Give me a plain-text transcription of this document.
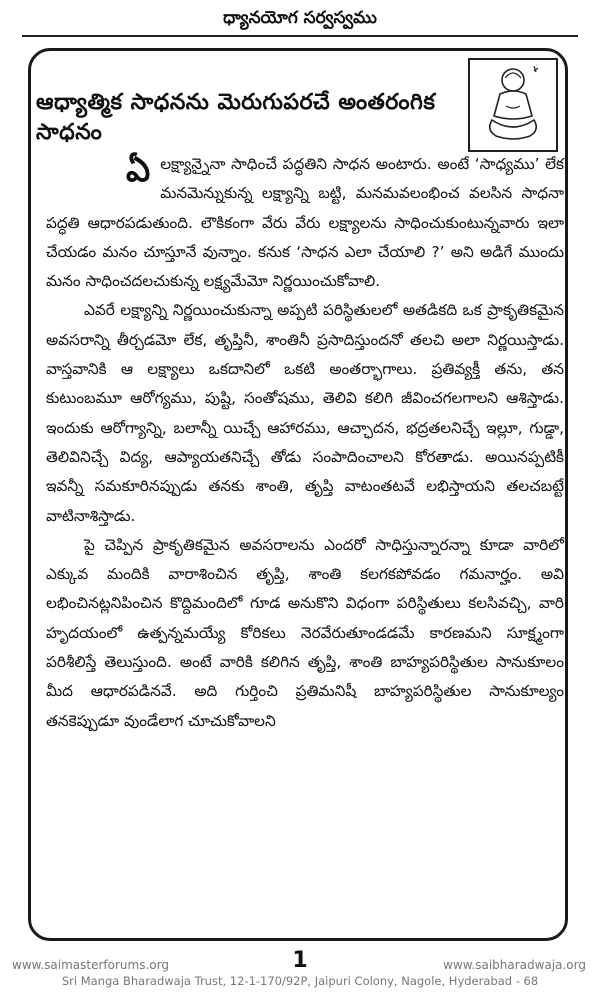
ధ్యానయోగ సర్వస్వము
ఆధ్యాత్మిక సాధనను మెరుగుపరచే అంతరంగిక సాధనం

ఏ లక్ష్యాన్నైనా సాధించే పద్ధతిని సాధన అంటారు. అంటే ‘సాధ్యము’ లేక మనమెన్నుకున్న లక్ష్యాన్ని బట్టి, మనమవలంభించ వలసిన సాధనా పద్ధతి ఆధారపడుతుంది. లౌకికంగా వేరు వేరు లక్ష్యాలను సాధించుకుంటున్నవారు ఇలా చేయడం మనం చూస్తూనే వున్నాం. కనుక ‘సాధన ఎలా చేయాలి ?’ అని అడిగే ముందు మనం సాధించదలచుకున్న లక్ష్యమేమో నిర్ణయించుకోవాలి.

ఎవరే లక్ష్యాన్ని నిర్ణయించుకున్నా అప్పటి పరిస్థితులలో అతడికది ఒక ప్రాకృతికమైన అవసరాన్ని తీర్చడమో లేక, తృప్తినీ, శాంతినీ ప్రసాదిస్తుందనో తలచి అలా నిర్ణయిస్తాడు. వాస్తవానికి ఆ లక్ష్యాలు ఒకదానిలో ఒకటి అంతర్భాగాలు. ప్రతివ్యక్తీ తను, తన కుటుంబమూ ఆరోగ్యము, పుష్టి, సంతోషము, తెలివి కలిగి జీవించగలగాలని ఆశిస్తాడు. ఇందుకు ఆరోగ్యాన్ని, బలాన్నీ యిచ్చే ఆహారము, ఆచ్ఛాదన, భద్రతలనిచ్చే ఇల్లూ, గుడ్డా, తెలివినిచ్చే విద్య, ఆప్యాయతనిచ్చే తోడు సంపాదించాలని కోరతాడు. అయినప్పటికీ ఇవన్నీ సమకూరినప్పుడు తనకు శాంతి, తృప్తి వాటంతటవే లభిస్తాయని తలచబట్టే వాటినాశిస్తాడు.

పై చెప్పిన ప్రాకృతికమైన అవసరాలను ఎందరో సాధిస్తున్నారన్నా కూడా వారిలో ఎక్కువ మందికి వారాశించిన తృప్తి, శాంతి కలగకపోవడం గమనార్హం. అవి లభించినట్లనిపించిన కొద్దిమందిలో గూడ అనుకొని విధంగా పరిస్థితులు కలసివచ్చి, వారి హృదయంలో ఉత్పన్నమయ్యే కోరికలు నెరవేరుతూండడమే కారణమని సూక్ష్మంగా పరిశీలిస్తే తెలుస్తుంది. అంటే వారికి కలిగిన తృప్తి, శాంతి బాహ్యపరిస్థితుల సానుకూలం మీద ఆధారపడినవే. అది గుర్తించి ప్రతిమనిషీ బాహ్యపరిస్థితుల సానుకూల్యం తనకెప్పుడూ వుండేలాగ చూచుకోవాలని

www.saimasterforums.org	1	www.saibharadwaja.org
Sri Manga Bharadwaja Trust, 12-1-170/92P, Jaipuri Colony, Nagole, Hyderabad - 68
